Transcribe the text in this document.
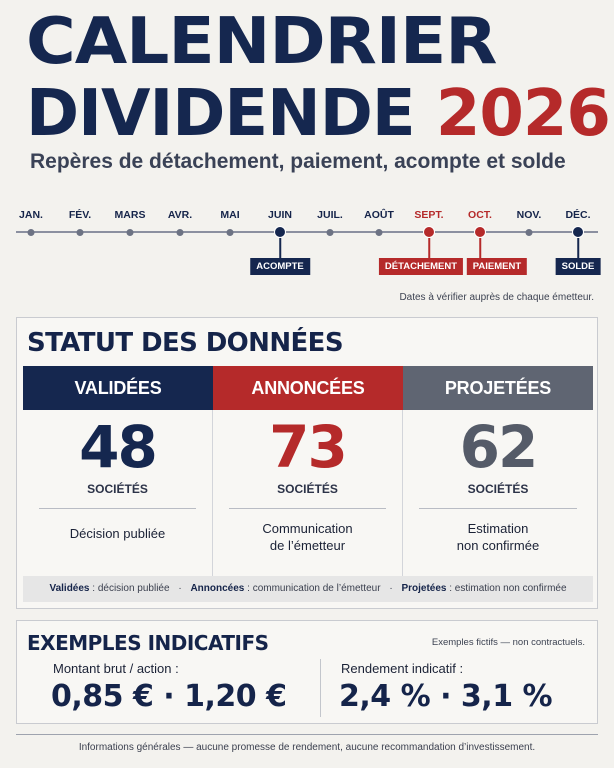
CALENDRIER
DIVIDENDE 2026
Repères de détachement, paiement, acompte et solde
JAN. FÉV. MARS AVR.	MAI	JUIN JUIL. AOÛT SEPT. OCT. NOV. DÉC.
ACOMPTE	DÉTACHEMENT	PAIEMENT	SOLDE
Dates à vérifier auprès de chaque émetteur.
STATUT DES DONNÉES
VALIDÉES
48
SOCIÉTÉS
Décision publiée
ANNONCÉES
73
SOCIÉTÉS
Communication
de l’émetteur
PROJETÉES
62
SOCIÉTÉS
Estimation
non confirmée
Validées : décision publiée · Annoncées : communication de l’émetteur · Projetées : estimation non confirmée
EXEMPLES INDICATIFS	Exemples fictifs — non contractuels.
Montant brut / action :
0,85 € · 1,20 €
Rendement indicatif :
2,4 % · 3,1 %
Informations générales — aucune promesse de rendement, aucune recommandation d’investissement.
